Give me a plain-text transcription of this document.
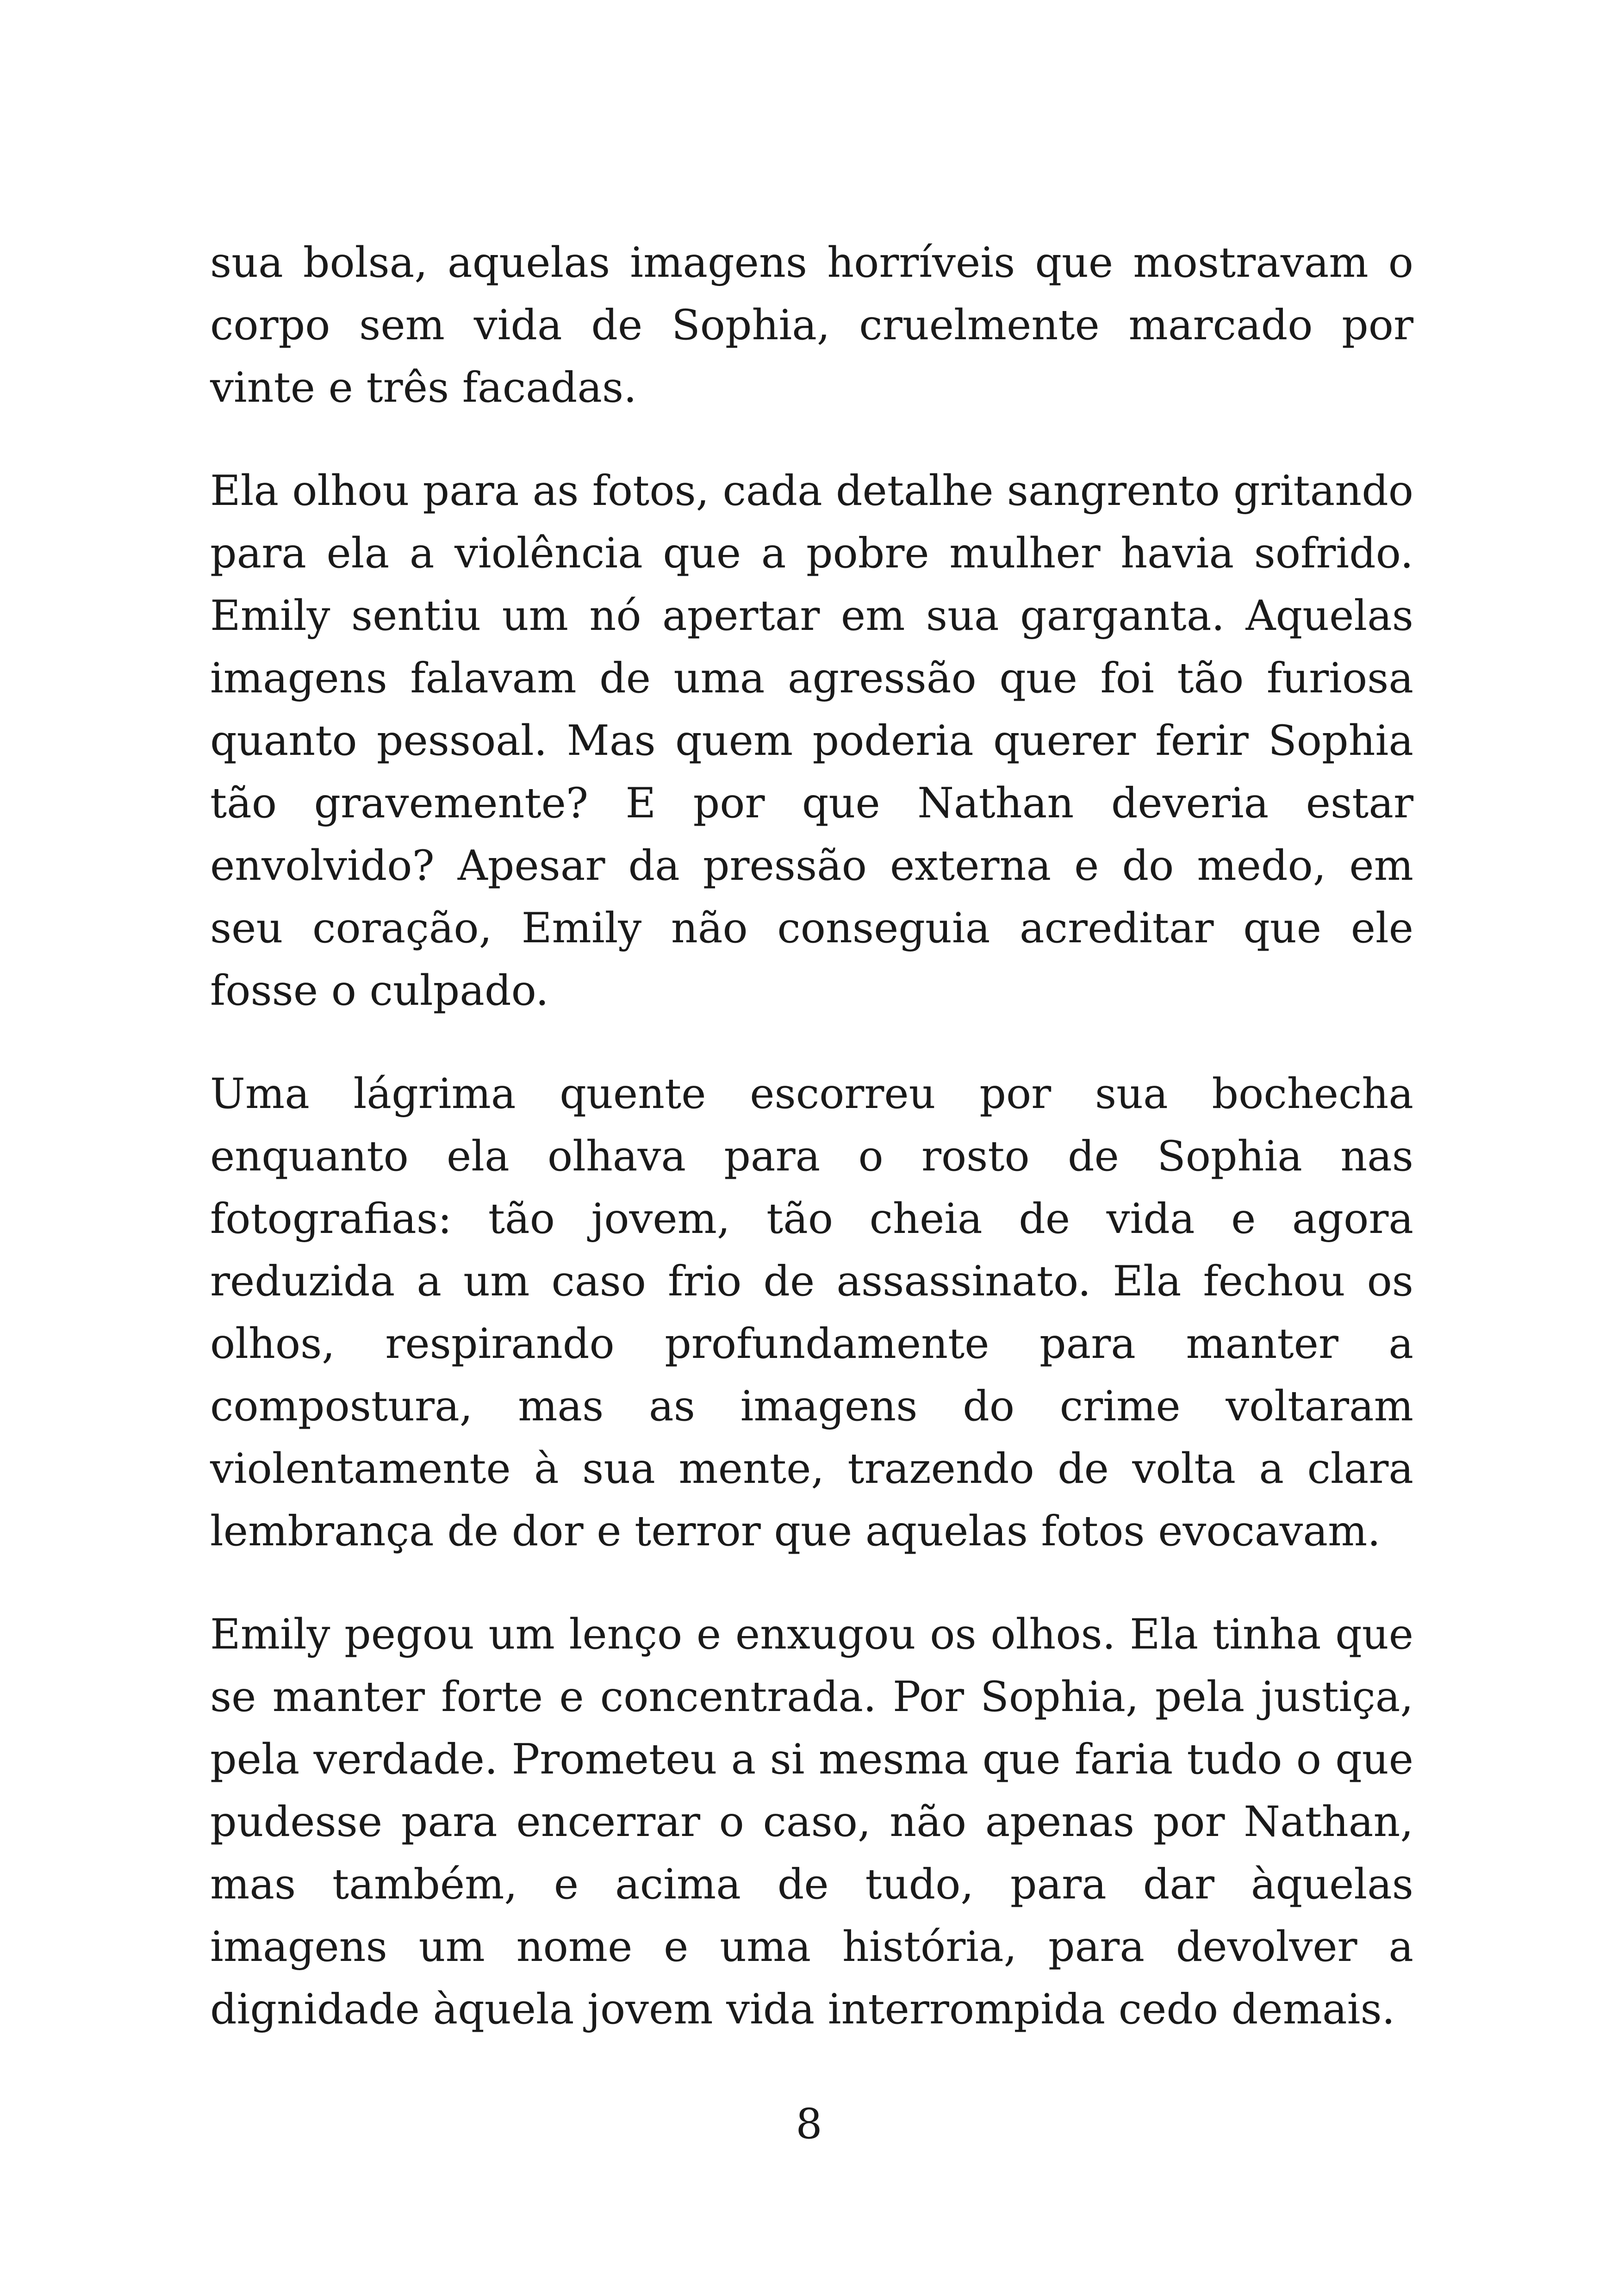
sua bolsa, aquelas imagens horríveis que mostravam o corpo sem vida de Sophia, cruelmente marcado por vinte e três facadas.

Ela olhou para as fotos, cada detalhe sangrento gritando para ela a violência que a pobre mulher havia sofrido. Emily sentiu um nó apertar em sua garganta. Aquelas imagens falavam de uma agressão que foi tão furiosa quanto pessoal. Mas quem poderia querer ferir Sophia tão gravemente? E por que Nathan deveria estar envolvido? Apesar da pressão externa e do medo, em seu coração, Emily não conseguia acreditar que ele fosse o culpado.

Uma lágrima quente escorreu por sua bochecha enquanto ela olhava para o rosto de Sophia nas fotografias: tão jovem, tão cheia de vida e agora reduzida a um caso frio de assassinato. Ela fechou os olhos, respirando profundamente para manter a compostura, mas as imagens do crime voltaram violentamente à sua mente, trazendo de volta a clara lembrança de dor e terror que aquelas fotos evocavam.

Emily pegou um lenço e enxugou os olhos. Ela tinha que se manter forte e concentrada. Por Sophia, pela justiça, pela verdade. Prometeu a si mesma que faria tudo o que pudesse para encerrar o caso, não apenas por Nathan, mas também, e acima de tudo, para dar àquelas imagens um nome e uma história, para devolver a dignidade àquela jovem vida interrompida cedo demais.

8
